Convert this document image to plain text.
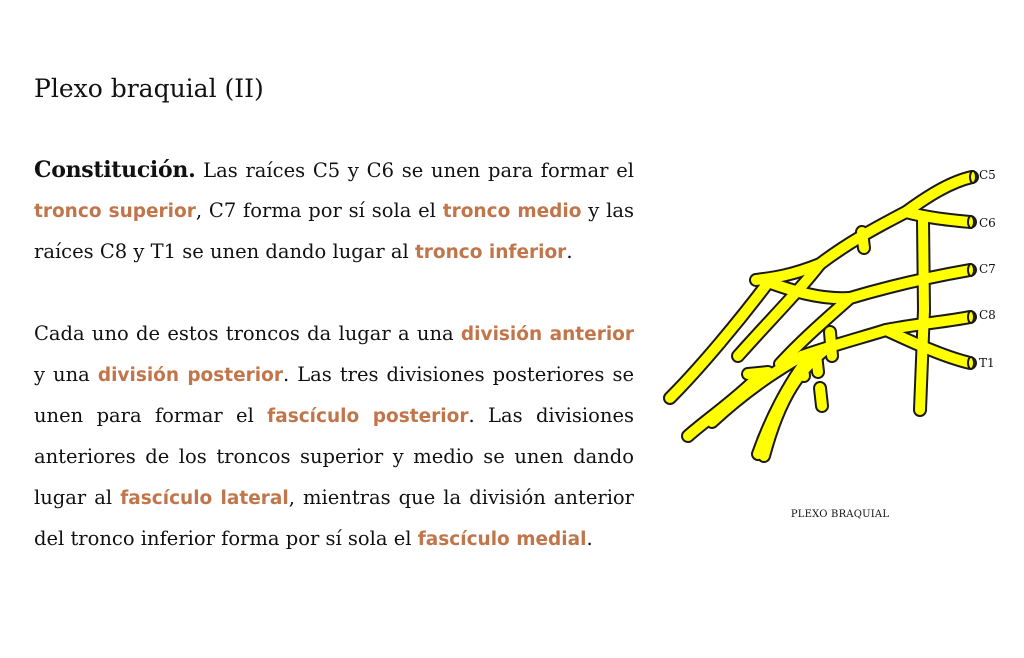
Plexo braquial (II)

Constitución. Las raíces C5 y C6 se unen para formar el tronco superior, C7 forma por sí sola el tronco medio y las raíces C8 y T1 se unen dando lugar al tronco inferior.

Cada uno de estos troncos da lugar a una división anterior y una división posterior. Las tres divisiones posteriores se unen para formar el fascículo posterior. Las divisiones anteriores de los troncos superior y medio se unen dando lugar al fascículo lateral, mientras que la división anterior del tronco inferior forma por sí sola el fascículo medial.

C5
C6
C7
C8
T1
PLEXO BRAQUIAL
